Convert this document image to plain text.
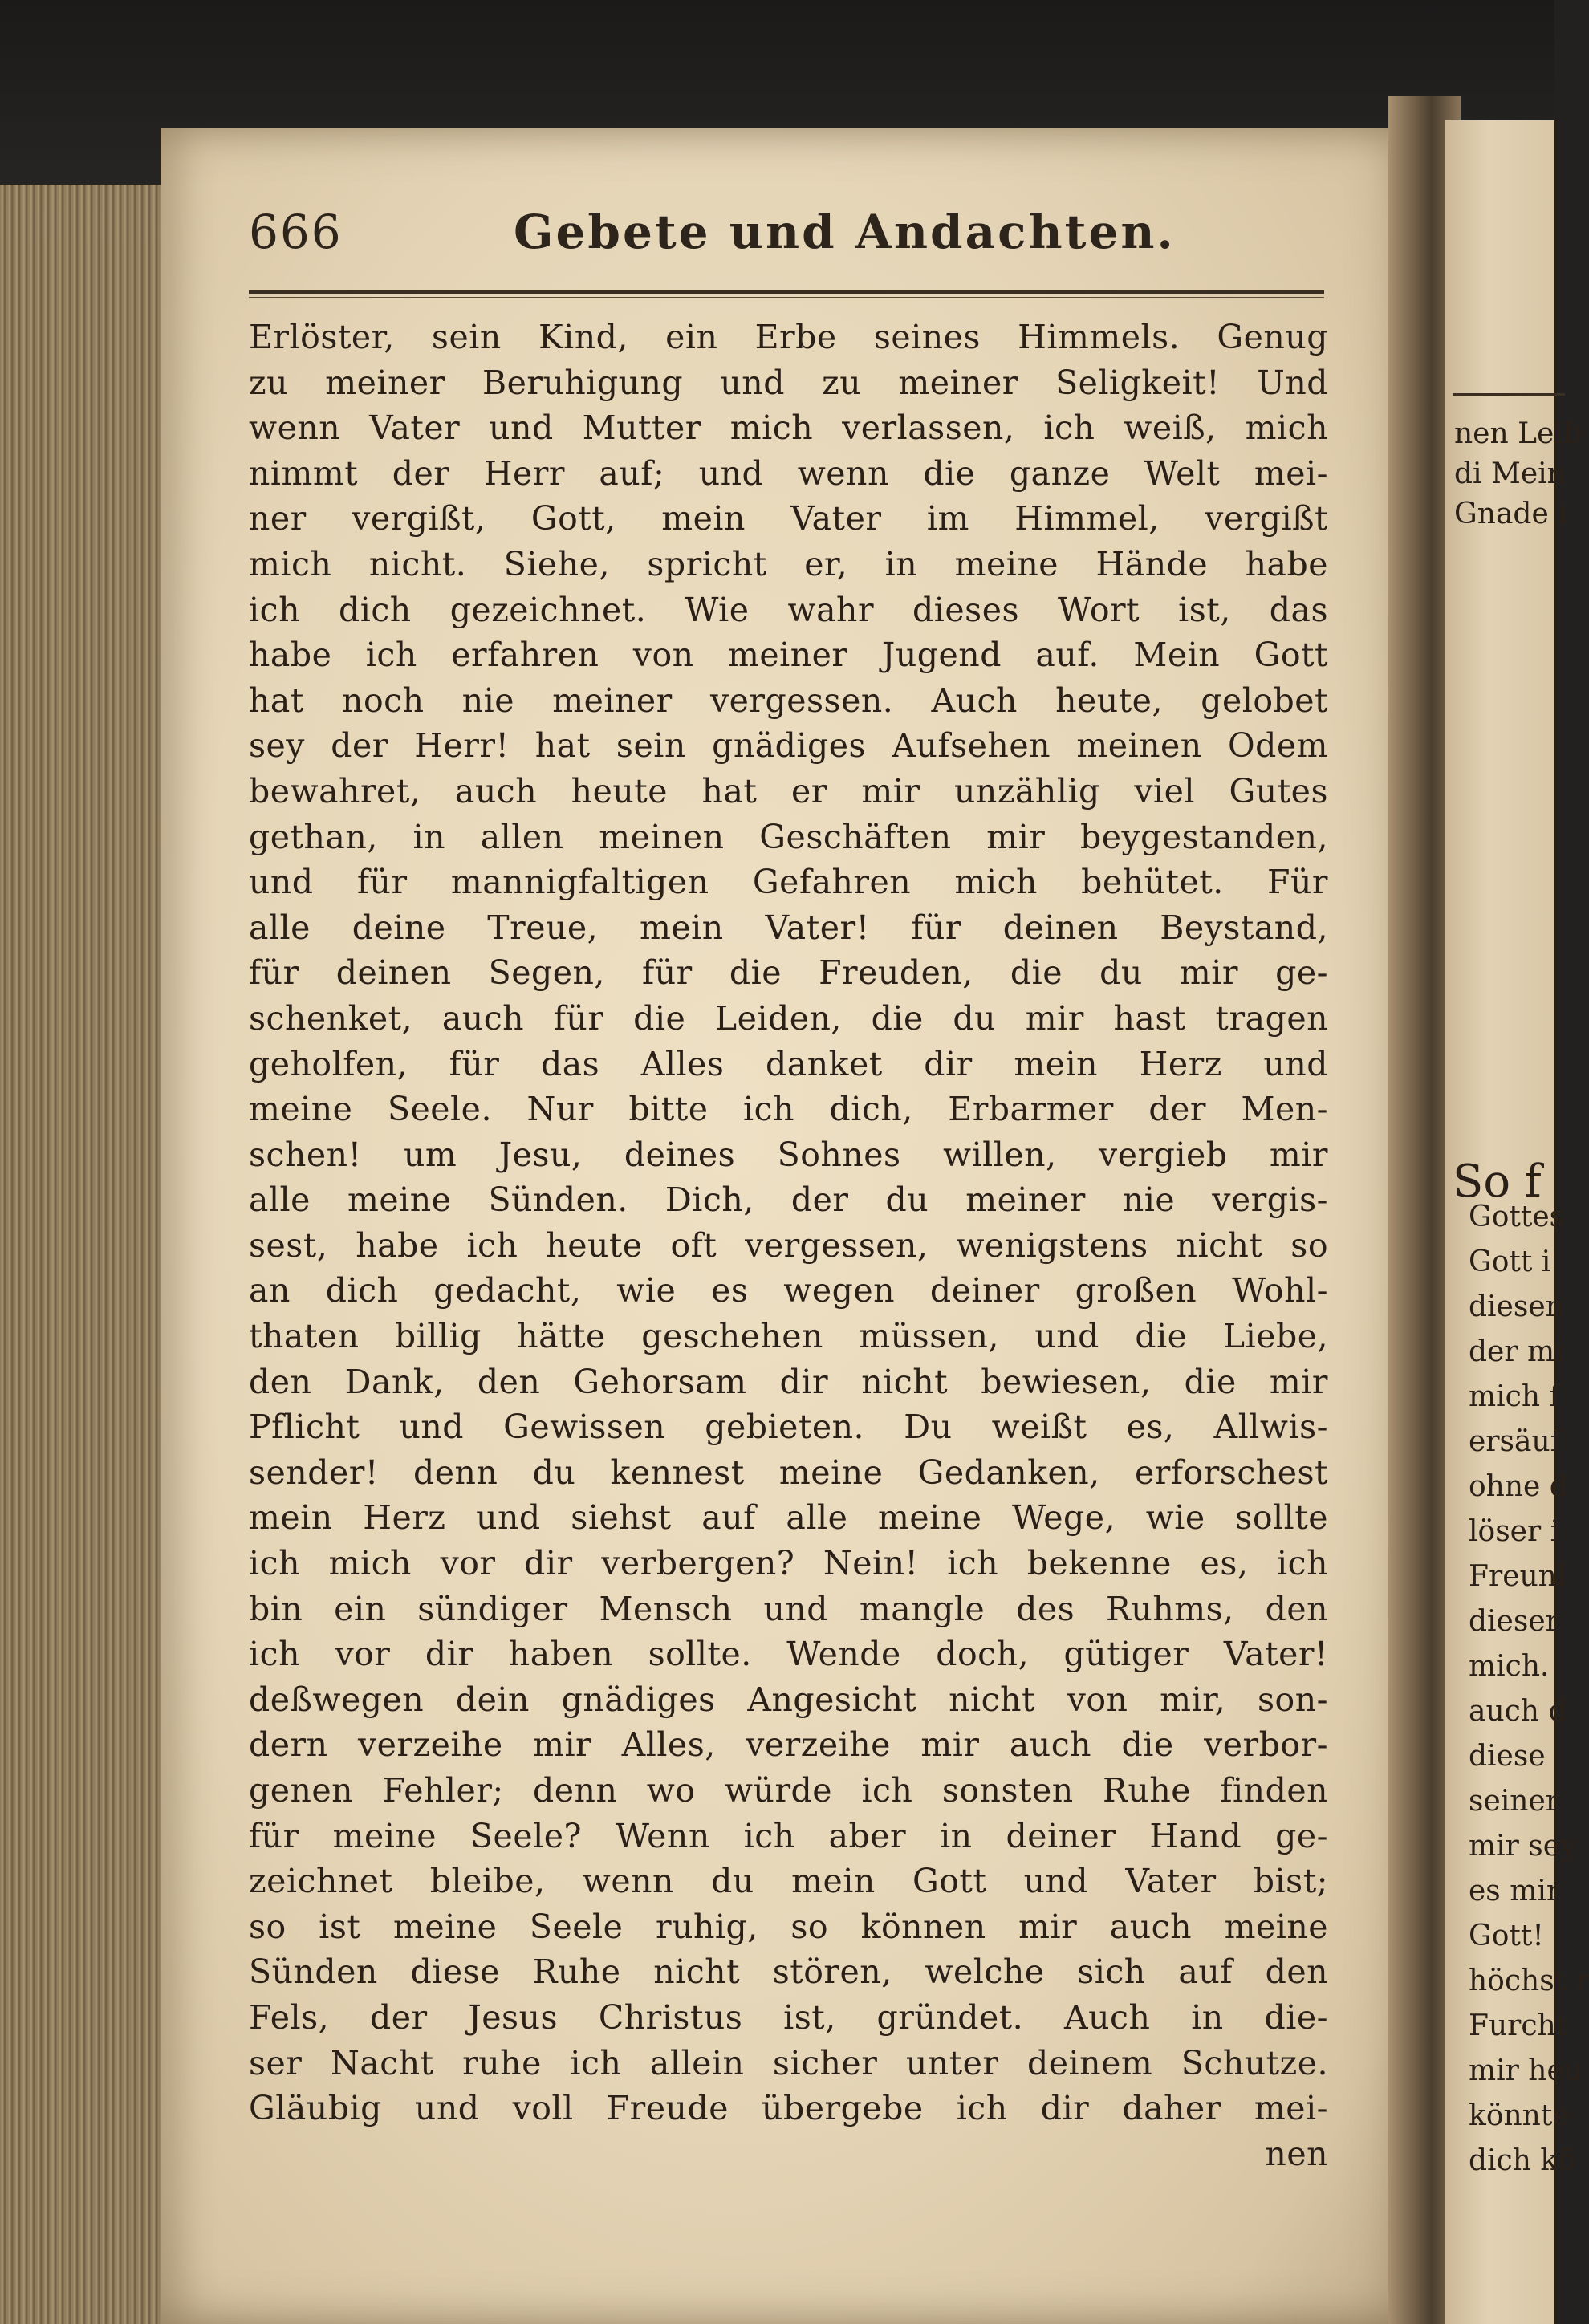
nen Leib
di Mein
Gnade i
So f
Gottes
Gott i
diesen
der mi
mich f
ersäuf
ohne d
löser i
Freunl
dieser
mich.
auch d
diese
seiner
mir sey
es mir
Gott!
höchst r
Furcht
mir heu
könnte
dich kö
666	Gebete und Andachten.
Erlöster, sein Kind, ein Erbe seines Himmels. Genug
zu meiner Beruhigung und zu meiner Seligkeit! Und
wenn Vater und Mutter mich verlassen, ich weiß, mich
nimmt der Herr auf; und wenn die ganze Welt mei-
ner vergißt, Gott, mein Vater im Himmel, vergißt
mich nicht. Siehe, spricht er, in meine Hände habe
ich dich gezeichnet. Wie wahr dieses Wort ist, das
habe ich erfahren von meiner Jugend auf. Mein Gott
hat noch nie meiner vergessen. Auch heute, gelobet
sey der Herr! hat sein gnädiges Aufsehen meinen Odem
bewahret, auch heute hat er mir unzählig viel Gutes
gethan, in allen meinen Geschäften mir beygestanden,
und für mannigfaltigen Gefahren mich behütet. Für
alle deine Treue, mein Vater! für deinen Beystand,
für deinen Segen, für die Freuden, die du mir ge-
schenket, auch für die Leiden, die du mir hast tragen
geholfen, für das Alles danket dir mein Herz und
meine Seele. Nur bitte ich dich, Erbarmer der Men-
schen! um Jesu, deines Sohnes willen, vergieb mir
alle meine Sünden. Dich, der du meiner nie vergis-
sest, habe ich heute oft vergessen, wenigstens nicht so
an dich gedacht, wie es wegen deiner großen Wohl-
thaten billig hätte geschehen müssen, und die Liebe,
den Dank, den Gehorsam dir nicht bewiesen, die mir
Pflicht und Gewissen gebieten. Du weißt es, Allwis-
sender! denn du kennest meine Gedanken, erforschest
mein Herz und siehst auf alle meine Wege, wie sollte
ich mich vor dir verbergen? Nein! ich bekenne es, ich
bin ein sündiger Mensch und mangle des Ruhms, den
ich vor dir haben sollte. Wende doch, gütiger Vater!
deßwegen dein gnädiges Angesicht nicht von mir, son-
dern verzeihe mir Alles, verzeihe mir auch die verbor-
genen Fehler; denn wo würde ich sonsten Ruhe finden
für meine Seele? Wenn ich aber in deiner Hand ge-
zeichnet bleibe, wenn du mein Gott und Vater bist;
so ist meine Seele ruhig, so können mir auch meine
Sünden diese Ruhe nicht stören, welche sich auf den
Fels, der Jesus Christus ist, gründet. Auch in die-
ser Nacht ruhe ich allein sicher unter deinem Schutze.
Gläubig und voll Freude übergebe ich dir daher mei-
nen
